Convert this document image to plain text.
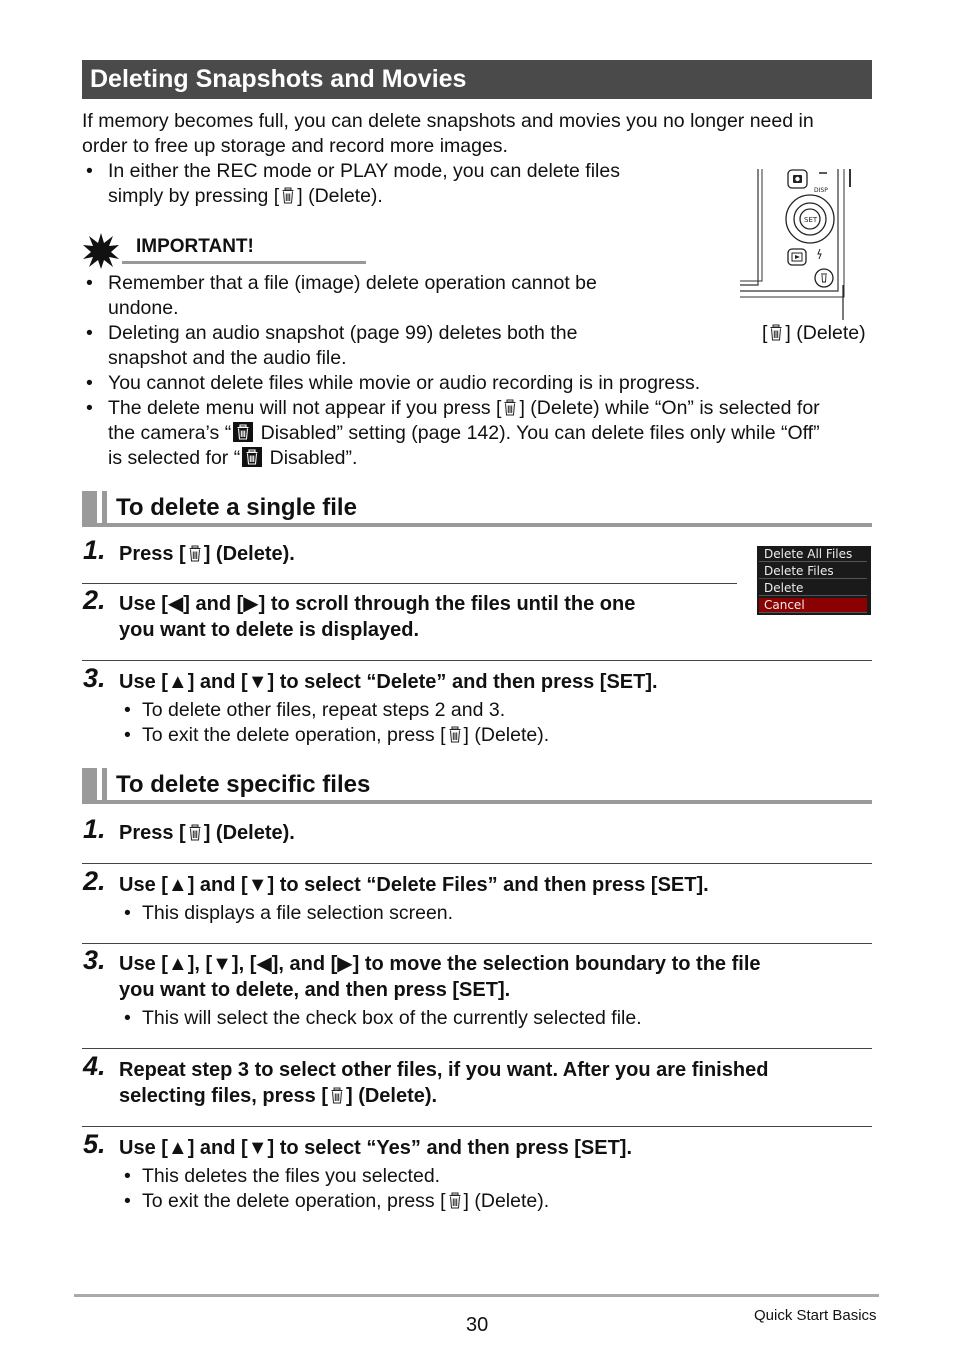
Deleting Snapshots and Movies
If memory becomes full, you can delete snapshots and movies you no longer need in
order to free up storage and record more images.
• In either the REC mode or PLAY mode, you can delete files
simply by pressing [ ] (Delete).	DISP
SET
[ ] (Delete)
IMPORTANT!
• Remember that a file (image) delete operation cannot be
undone.
• Deleting an audio snapshot (page 99) deletes both the
snapshot and the audio file.
• You cannot delete files while movie or audio recording is in progress.
• The delete menu will not appear if you press [ ] (Delete) while “On” is selected for
the camera’s “
Disabled” setting (page 142). You can delete files only while “Off”
is selected for “
Disabled”.
To delete a single file
1. Press [ ] (Delete).
2. Use [◀] and [▶] to scroll through the files until the one
you want to delete is displayed.
Delete All Files
Delete Files
Delete
Cancel
3. Use [▲] and [▼] to select “Delete” and then press [SET].
• To delete other files, repeat steps 2 and 3.
• To exit the delete operation, press [ ] (Delete).
To delete specific files
1. Press [ ] (Delete).
2. Use [▲] and [▼] to select “Delete Files” and then press [SET].
• This displays a file selection screen.
3. Use [▲], [▼], [◀], and [▶] to move the selection boundary to the file
you want to delete, and then press [SET].
• This will select the check box of the currently selected file.
4. Repeat step 3 to select other files, if you want. After you are finished
selecting files, press [ ] (Delete).
5. Use [▲] and [▼] to select “Yes” and then press [SET].
• This deletes the files you selected.
• To exit the delete operation, press [ ] (Delete).
30	Quick Start Basics
